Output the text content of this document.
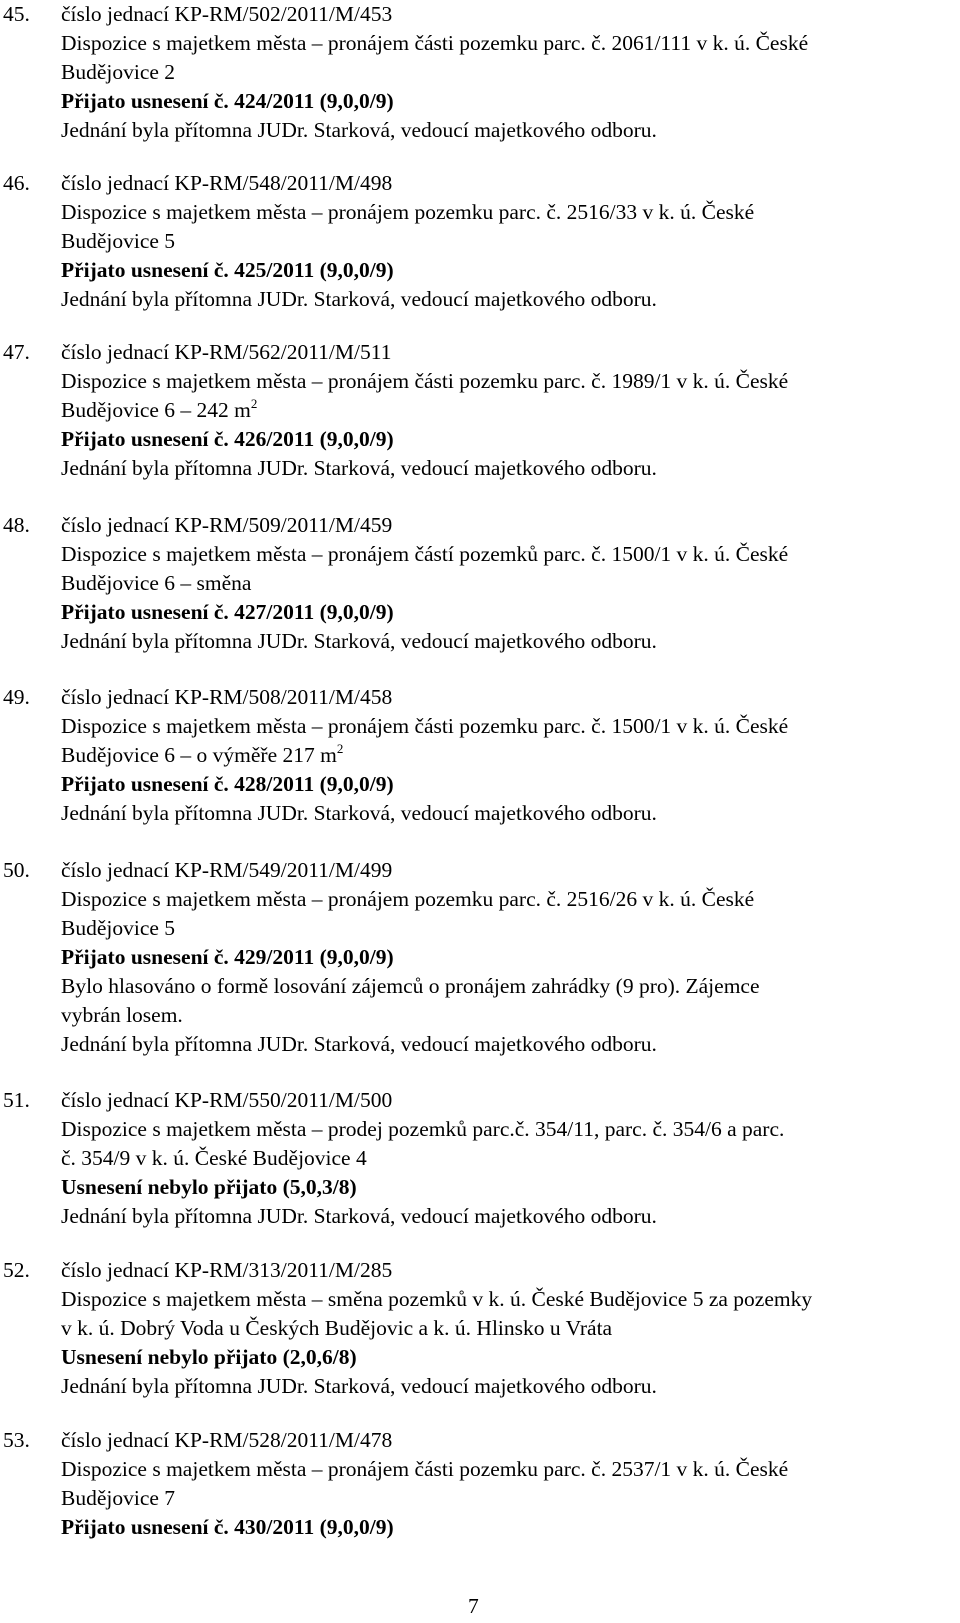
45. číslo jednací KP-RM/502/2011/M/453
Dispozice s majetkem města – pronájem části pozemku parc. č. 2061/111 v k. ú. České
Budějovice 2
Přijato usnesení č. 424/2011 (9,0,0/9)
Jednání byla přítomna JUDr. Starková, vedoucí majetkového odboru.
46. číslo jednací KP-RM/548/2011/M/498
Dispozice s majetkem města – pronájem pozemku parc. č. 2516/33 v k. ú. České
Budějovice 5
Přijato usnesení č. 425/2011 (9,0,0/9)
Jednání byla přítomna JUDr. Starková, vedoucí majetkového odboru.
47. číslo jednací KP-RM/562/2011/M/511
Dispozice s majetkem města – pronájem části pozemku parc. č. 1989/1 v k. ú. České
Budějovice 6 – 242 $m^2$
Přijato usnesení č. 426/2011 (9,0,0/9)
Jednání byla přítomna JUDr. Starková, vedoucí majetkového odboru.
48. číslo jednací KP-RM/509/2011/M/459
Dispozice s majetkem města – pronájem částí pozemků parc. č. 1500/1 v k. ú. České
Budějovice 6 – směna
Přijato usnesení č. 427/2011 (9,0,0/9)
Jednání byla přítomna JUDr. Starková, vedoucí majetkového odboru.
49. číslo jednací KP-RM/508/2011/M/458
Dispozice s majetkem města – pronájem části pozemku parc. č. 1500/1 v k. ú. České
Budějovice 6 – o výměře 217 $m^2$
Přijato usnesení č. 428/2011 (9,0,0/9)
Jednání byla přítomna JUDr. Starková, vedoucí majetkového odboru.
50. číslo jednací KP-RM/549/2011/M/499
Dispozice s majetkem města – pronájem pozemku parc. č. 2516/26 v k. ú. České
Budějovice 5
Přijato usnesení č. 429/2011 (9,0,0/9)
Bylo hlasováno o formě losování zájemců o pronájem zahrádky (9 pro). Zájemce
vybrán losem.
Jednání byla přítomna JUDr. Starková, vedoucí majetkového odboru.
51. číslo jednací KP-RM/550/2011/M/500
Dispozice s majetkem města – prodej pozemků parc.č. 354/11, parc. č. 354/6 a parc.
č. 354/9 v k. ú. České Budějovice 4
Usnesení nebylo přijato (5,0,3/8)
Jednání byla přítomna JUDr. Starková, vedoucí majetkového odboru.
52. číslo jednací KP-RM/313/2011/M/285
Dispozice s majetkem města – směna pozemků v k. ú. České Budějovice 5 za pozemky
v k. ú. Dobrý Voda u Českých Budějovic a k. ú. Hlinsko u Vráta
Usnesení nebylo přijato (2,0,6/8)
Jednání byla přítomna JUDr. Starková, vedoucí majetkového odboru.
53. číslo jednací KP-RM/528/2011/M/478
Dispozice s majetkem města – pronájem části pozemku parc. č. 2537/1 v k. ú. České
Budějovice 7
Přijato usnesení č. 430/2011 (9,0,0/9)
7
